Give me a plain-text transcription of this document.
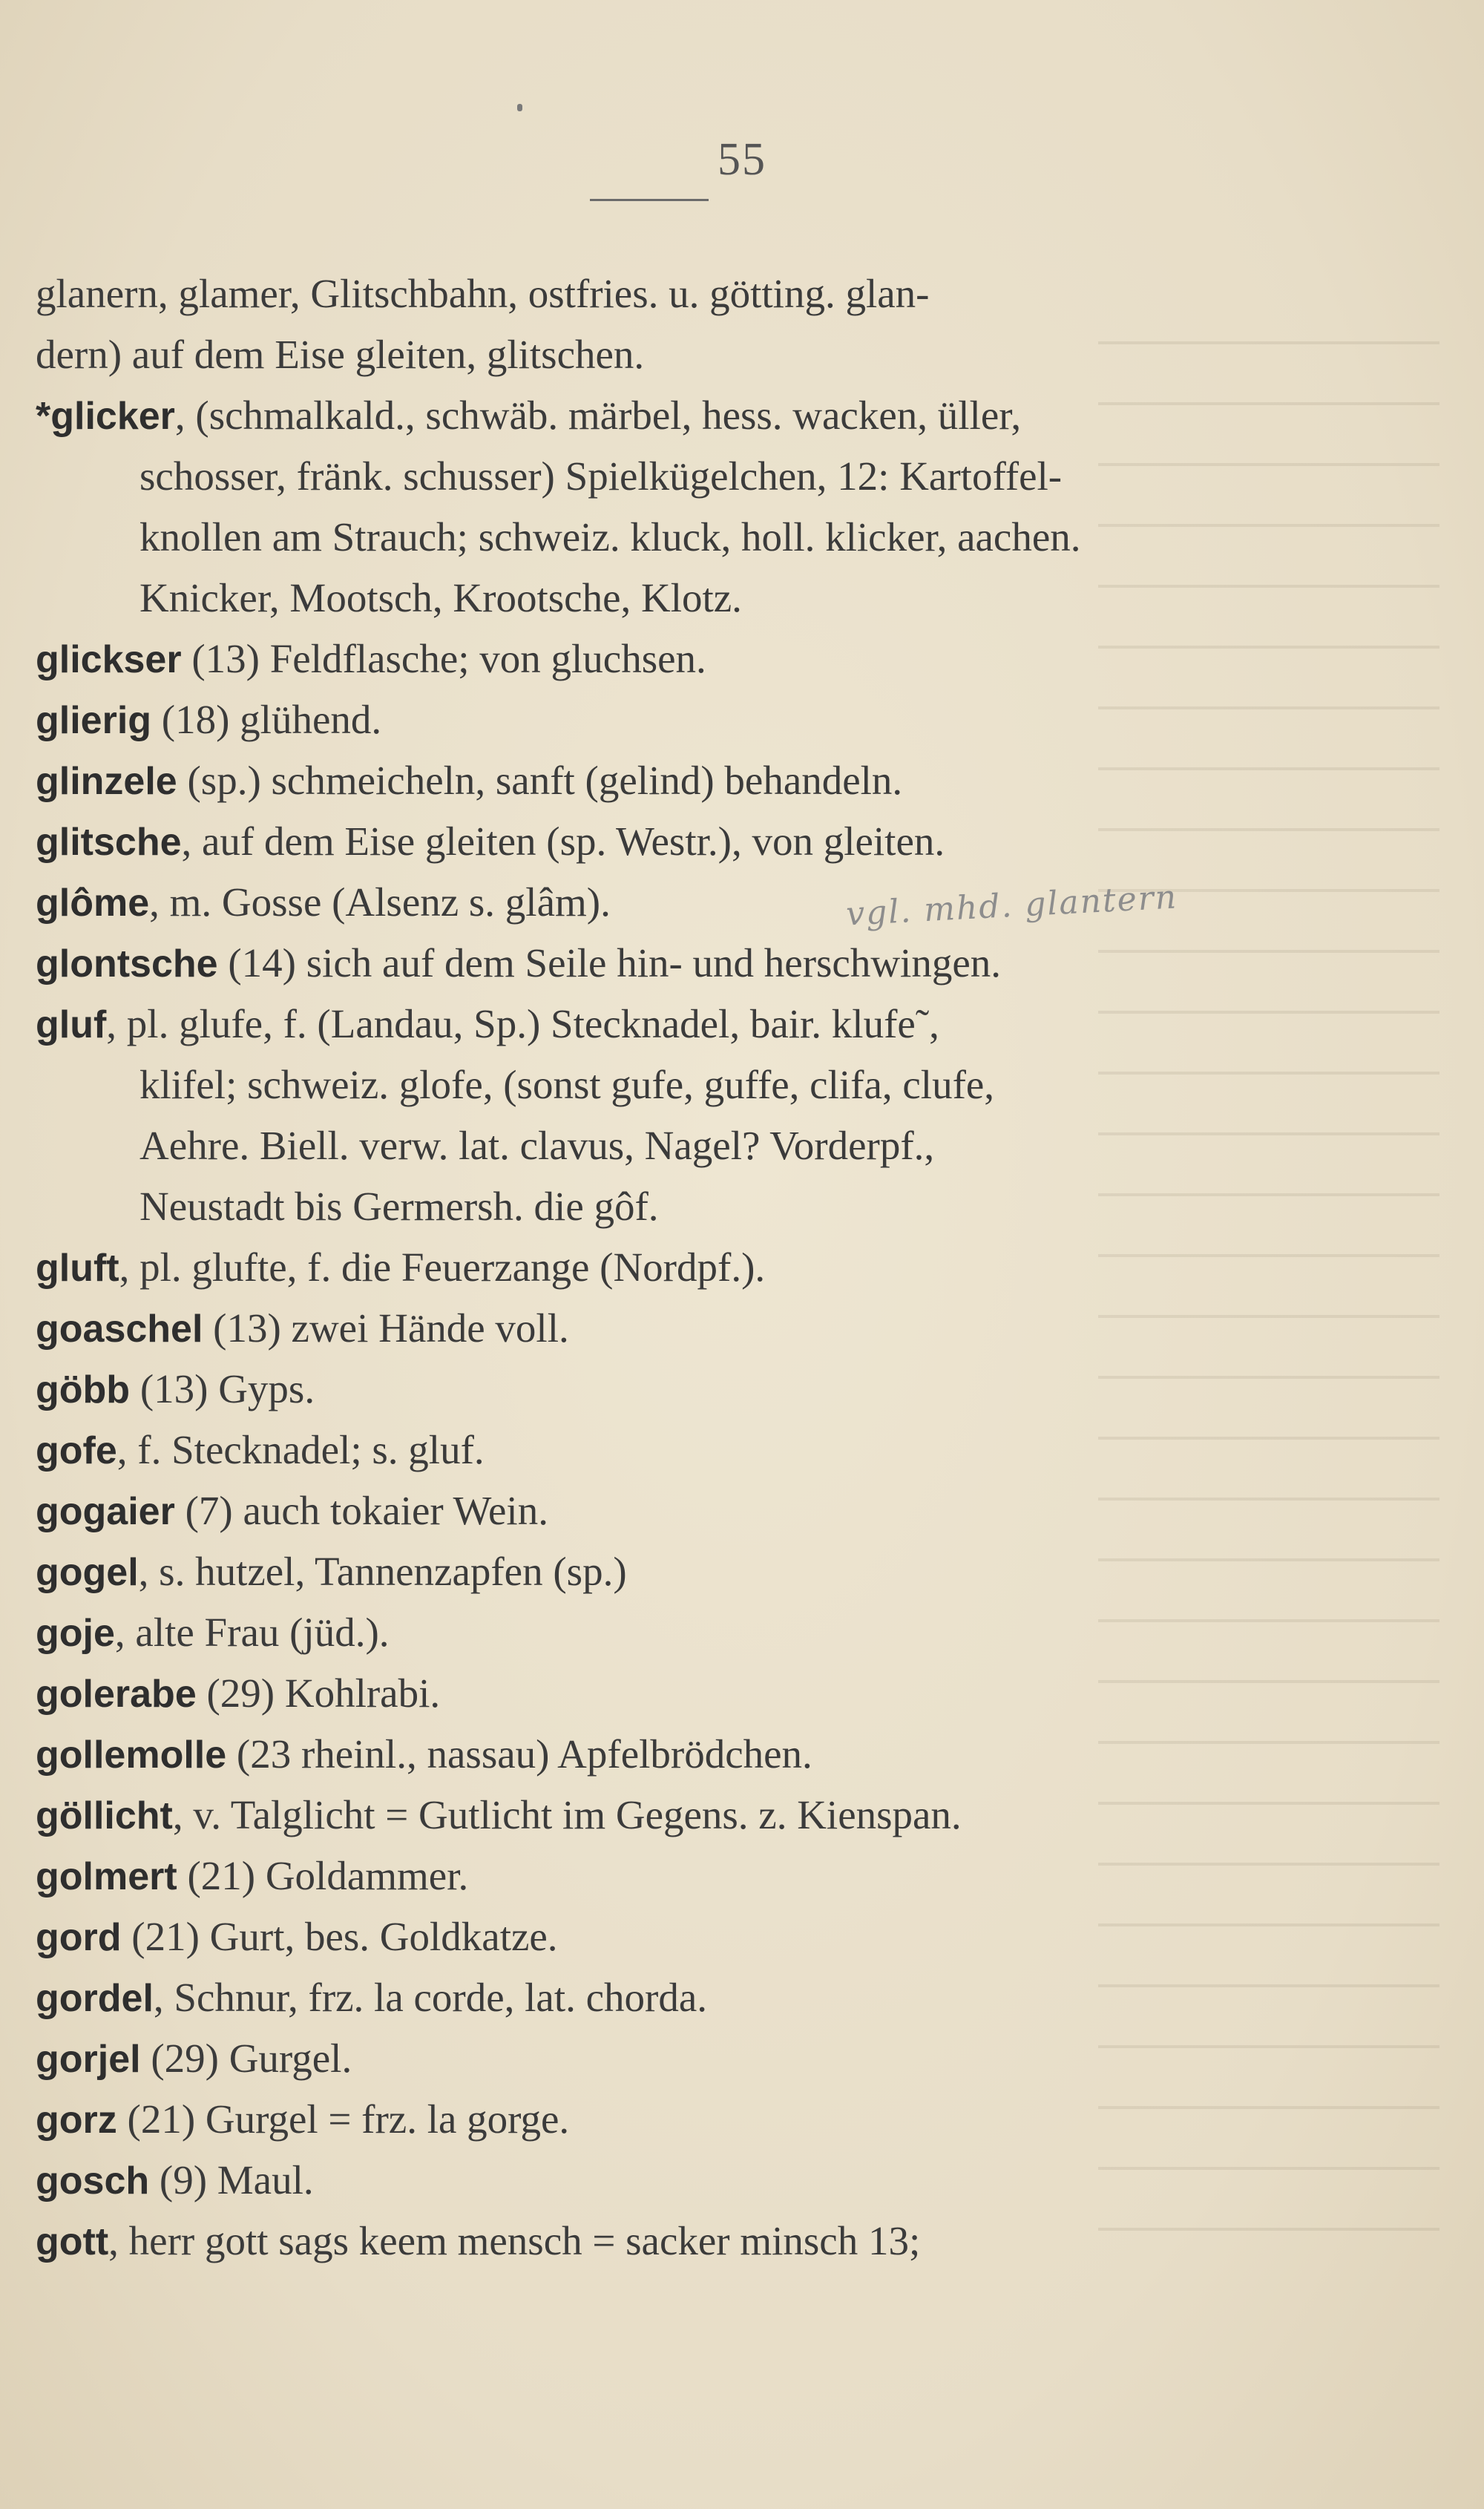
55
glanern, glamer, Glitschbahn, ostfries. u. götting. glan-
dern) auf dem Eise gleiten, glitschen.
*glicker, (schmalkald., schwäb. märbel, hess. wacken, üller,
schosser, fränk. schusser) Spielkügelchen, 12: Kartoffel-
knollen am Strauch; schweiz. kluck, holl. klicker, aachen.
Knicker, Mootsch, Krootsche, Klotz.
glickser (13) Feldflasche; von gluchsen.
glierig (18) glühend.
glinzele (sp.) schmeicheln, sanft (gelind) behandeln.
glitsche, auf dem Eise gleiten (sp. Westr.), von gleiten.
glôme, m. Gosse (Alsenz s. glâm).
glontsche (14) sich auf dem Seile hin- und herschwingen.
gluf, pl. glufe, f. (Landau, Sp.) Stecknadel, bair. klufe˜,
klifel; schweiz. glofe, (sonst gufe, guffe, clifa, clufe,
Aehre. Biell. verw. lat. clavus, Nagel? Vorderpf.,
Neustadt bis Germersh. die gôf.
gluft, pl. glufte, f. die Feuerzange (Nordpf.).
goaschel (13) zwei Hände voll.
göbb (13) Gyps.
gofe, f. Stecknadel; s. gluf.
gogaier (7) auch tokaier Wein.
gogel, s. hutzel, Tannenzapfen (sp.)
goje, alte Frau (jüd.).
golerabe (29) Kohlrabi.
gollemolle (23 rheinl., nassau) Apfelbrödchen.
göllicht, v. Talglicht = Gutlicht im Gegens. z. Kienspan.
golmert (21) Goldammer.
gord (21) Gurt, bes. Goldkatze.
gordel, Schnur, frz. la corde, lat. chorda.
gorjel (29) Gurgel.
gorz (21) Gurgel = frz. la gorge.
gosch (9) Maul.
gott, herr gott sags keem mensch = sacker minsch 13;
vgl. mhd. glantern
